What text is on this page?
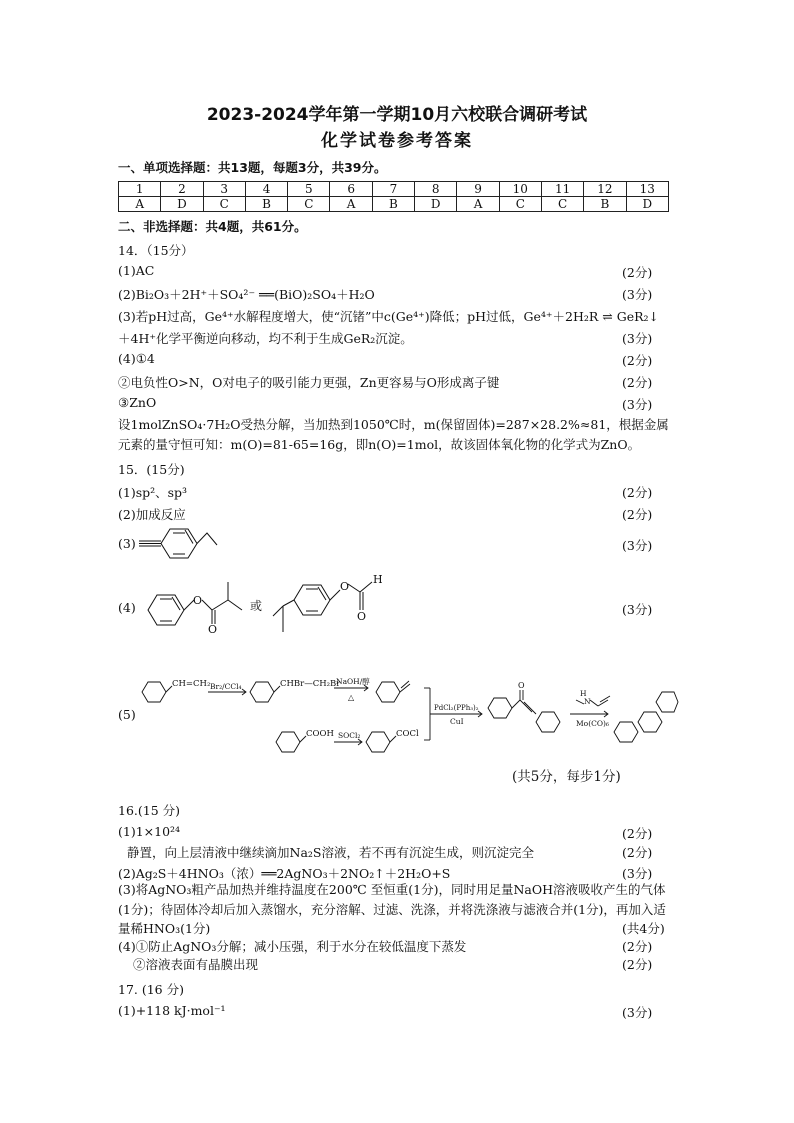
2023-2024学年第一学期10月六校联合调研考试
化学试卷参考答案
一、单项选择题：共13题，每题3分，共39分。
1	2	3	4	5	6	7	8	9	10	11	12	13
A	D	C	B	C	A	B	D	A	C	C	B	D
二、非选择题：共4题，共61分。
14．（15分）
(1)AC	(2分)
(2)Bi₂O₃＋2H⁺＋SO₄²⁻ ══(BiO)₂SO₄＋H₂O	(3分)
(3)若pH过高，Ge⁴⁺水解程度增大，使“沉锗”中c(Ge⁴⁺)降低；pH过低，Ge⁴⁺＋2H₂R ⇌ GeR₂↓
＋4H⁺化学平衡逆向移动，均不利于生成GeR₂沉淀。	(3分)
(4)①4	(2分)
②电负性O>N，O对电子的吸引能力更强，Zn更容易与O形成离子键	(2分)
③ZnO	(3分)
设1molZnSO₄·7H₂O受热分解，当加热到1050℃时，m(保留固体)=287×28.2%≈81，根据金属元素的量守恒可知：m(O)=81-65=16g，即n(O)=1mol，故该固体氧化物的化学式为ZnO。
15．(15分)
(1)sp²、sp³	(2分)
(2)加成反应	(2分)
(3)	(3分)
(4)	(3分)
O
O
或
O
O
H
(5)
CH=CH₂ Br₂/CCl₄	CHBr—CH₂Br
NaOH/醇
△
COOH SOCl₂	COCl
PdCl₂(PPh₃)₂
CuI
O
H
N
Mo(CO)₆
(共5分，每步1分)
16.(15 分)
(1)1×10²⁴	(2分)
静置，向上层清液中继续滴加Na₂S溶液，若不再有沉淀生成，则沉淀完全	(2分)
(2)Ag₂S＋4HNO₃（浓）══2AgNO₃＋2NO₂↑＋2H₂O+S	(3分)
(3)将AgNO₃粗产品加热并维持温度在200℃ 至恒重(1分)，同时用足量NaOH溶液吸收产生的气体(1分)；待固体冷却后加入蒸馏水，充分溶解、过滤、洗涤，并将洗涤液与滤液合并(1分)，再加入适量稀HNO₃(1分)	(共4分)
(4)①防止AgNO₃分解；减小压强，利于水分在较低温度下蒸发	(2分)
②溶液表面有晶膜出现	(2分)
17. (16 分)
(1)+118 kJ·mol⁻¹	(3分)
